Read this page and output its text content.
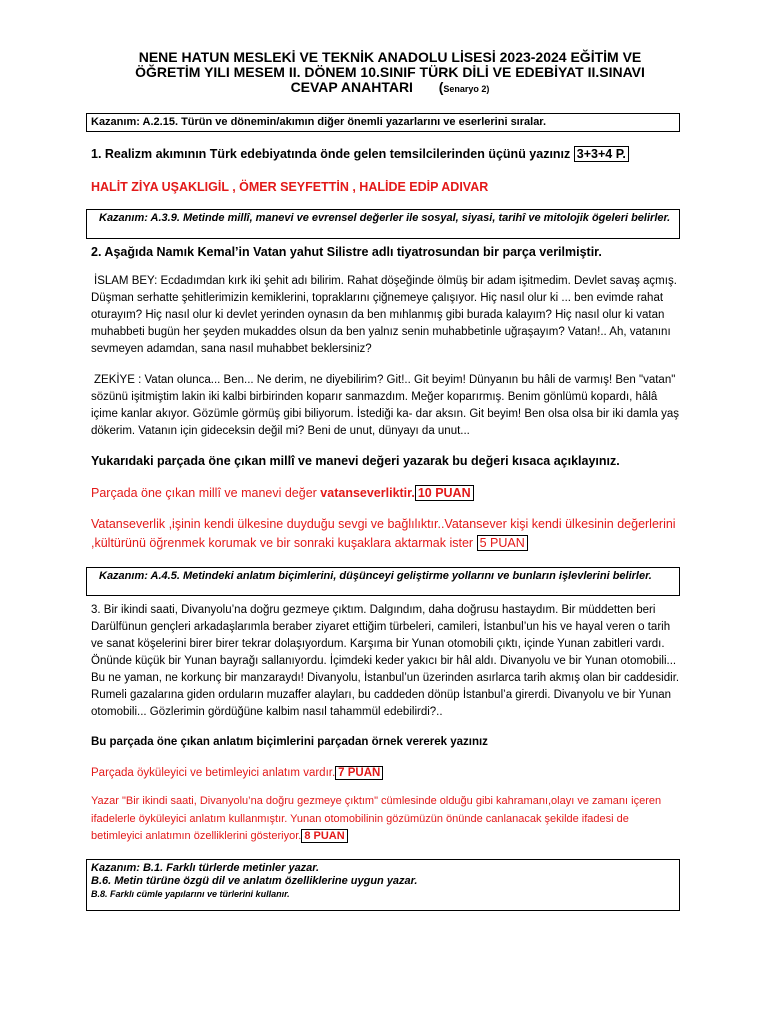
NENE HATUN MESLEKİ VE TEKNİK ANADOLU LİSESİ 2023-2024 EĞİTİM VE
ÖĞRETİM YILI MESEM II. DÖNEM 10.SINIF TÜRK DİLİ VE EDEBİYAT II.SINAVI
CEVAP ANAHTARI (Senaryo 2)
Kazanım: A.2.15. Türün ve dönemin/akımın diğer önemli yazarlarını ve eserlerini sıralar.
1. Realizm akımının Türk edebiyatında önde gelen temsilcilerinden üçünü yazınız 3+3+4 P.
HALİT ZİYA UŞAKLIGİL , ÖMER SEYFETTİN , HALİDE EDİP ADIVAR
Kazanım: A.3.9. Metinde millî, manevi ve evrensel değerler ile sosyal, siyasi, tarihî ve mitolojik ögeleri belirler.
2. Aşağıda Namık Kemal’in Vatan yahut Silistre adlı tiyatrosundan bir parça verilmiştir.
İSLAM BEY: Ecdadımdan kırk iki şehit adı bilirim. Rahat döşeğinde ölmüş bir adam işitmedim. Devlet savaş açmış. Düşman serhatte şehitlerimizin kemiklerini, topraklarını çiğnemeye çalışıyor. Hiç nasıl olur ki ... ben evimde rahat oturayım? Hiç nasıl olur ki devlet yerinden oynasın da ben mıhlanmış gibi burada kalayım? Hiç nasıl olur ki vatan muhabbeti bugün her şeyden mukaddes olsun da ben yalnız senin muhabbetinle uğraşayım? Vatan!.. Ah, vatanını sevmeyen adamdan, sana nasıl muhabbet beklersiniz?
ZEKİYE : Vatan olunca... Ben... Ne derim, ne diyebilirim? Git!.. Git beyim! Dünyanın bu hâli de varmış! Ben "vatan" sözünü işitmiştim lakin iki kalbi birbirinden koparır sanmazdım. Meğer koparırmış. Benim gönlümü kopardı, hâlâ içime kanlar akıyor. Gözümle görmüş gibi biliyorum. İstediği ka- dar aksın. Git beyim! Ben olsa olsa bir iki damla yaş dökerim. Vatanın için gideceksin değil mi? Beni de unut, dünyayı da unut...
Yukarıdaki parçada öne çıkan millî ve manevi değeri yazarak bu değeri kısaca açıklayınız.
Parçada öne çıkan millî ve manevi değer vatanseverliktir. 10 PUAN
Vatanseverlik ,işinin kendi ülkesine duyduğu sevgi ve bağlılıktır..Vatansever kişi kendi ülkesinin değerlerini ,kültürünü öğrenmek korumak ve bir sonraki kuşaklara aktarmak ister 5 PUAN
Kazanım: A.4.5. Metindeki anlatım biçimlerini, düşünceyi geliştirme yollarını ve bunların işlevlerini belirler.
3. Bir ikindi saati, Divanyolu’na doğru gezmeye çıktım. Dalgındım, daha doğrusu hastaydım. Bir müddetten beri Darülfünun gençleri arkadaşlarımla beraber ziyaret ettiğim türbeleri, camileri, İstanbul’un his ve hayal veren o tarih ve sanat köşelerini birer birer tekrar dolaşıyordum. Karşıma bir Yunan otomobili çıktı, içinde Yunan zabitleri vardı. Önünde küçük bir Yunan bayrağı sallanıyordu. İçimdeki keder yakıcı bir hâl aldı. Divanyolu ve bir Yunan otomobili... Bu ne yaman, ne korkunç bir manzaraydı! Divanyolu, İstanbul’un üzerinden asırlarca tarih akmış olan bir caddesidir. Rumeli gazalarına giden orduların muzaffer alayları, bu caddeden dönüp İstanbul’a girerdi. Divanyolu ve bir Yunan otomobili... Gözlerimin gördüğüne kalbim nasıl tahammül edebilirdi?..
Bu parçada öne çıkan anlatım biçimlerini parçadan örnek vererek yazınız
Parçada öyküleyici ve betimleyici anlatım vardır. 7 PUAN
Yazar "Bir ikindi saati, Divanyolu’na doğru gezmeye çıktım" cümlesinde olduğu gibi kahramanı,olayı ve zamanı içeren ifadelerle öyküleyici anlatım kullanmıştır. Yunan otomobilinin gözümüzün önünde canlanacak şekilde ifadesi de betimleyici anlatımın özelliklerini gösteriyor. 8 PUAN
Kazanım: B.1. Farklı türlerde metinler yazar.
B.6. Metin türüne özgü dil ve anlatım özelliklerine uygun yazar.
B.8. Farklı cümle yapılarını ve türlerini kullanır.
